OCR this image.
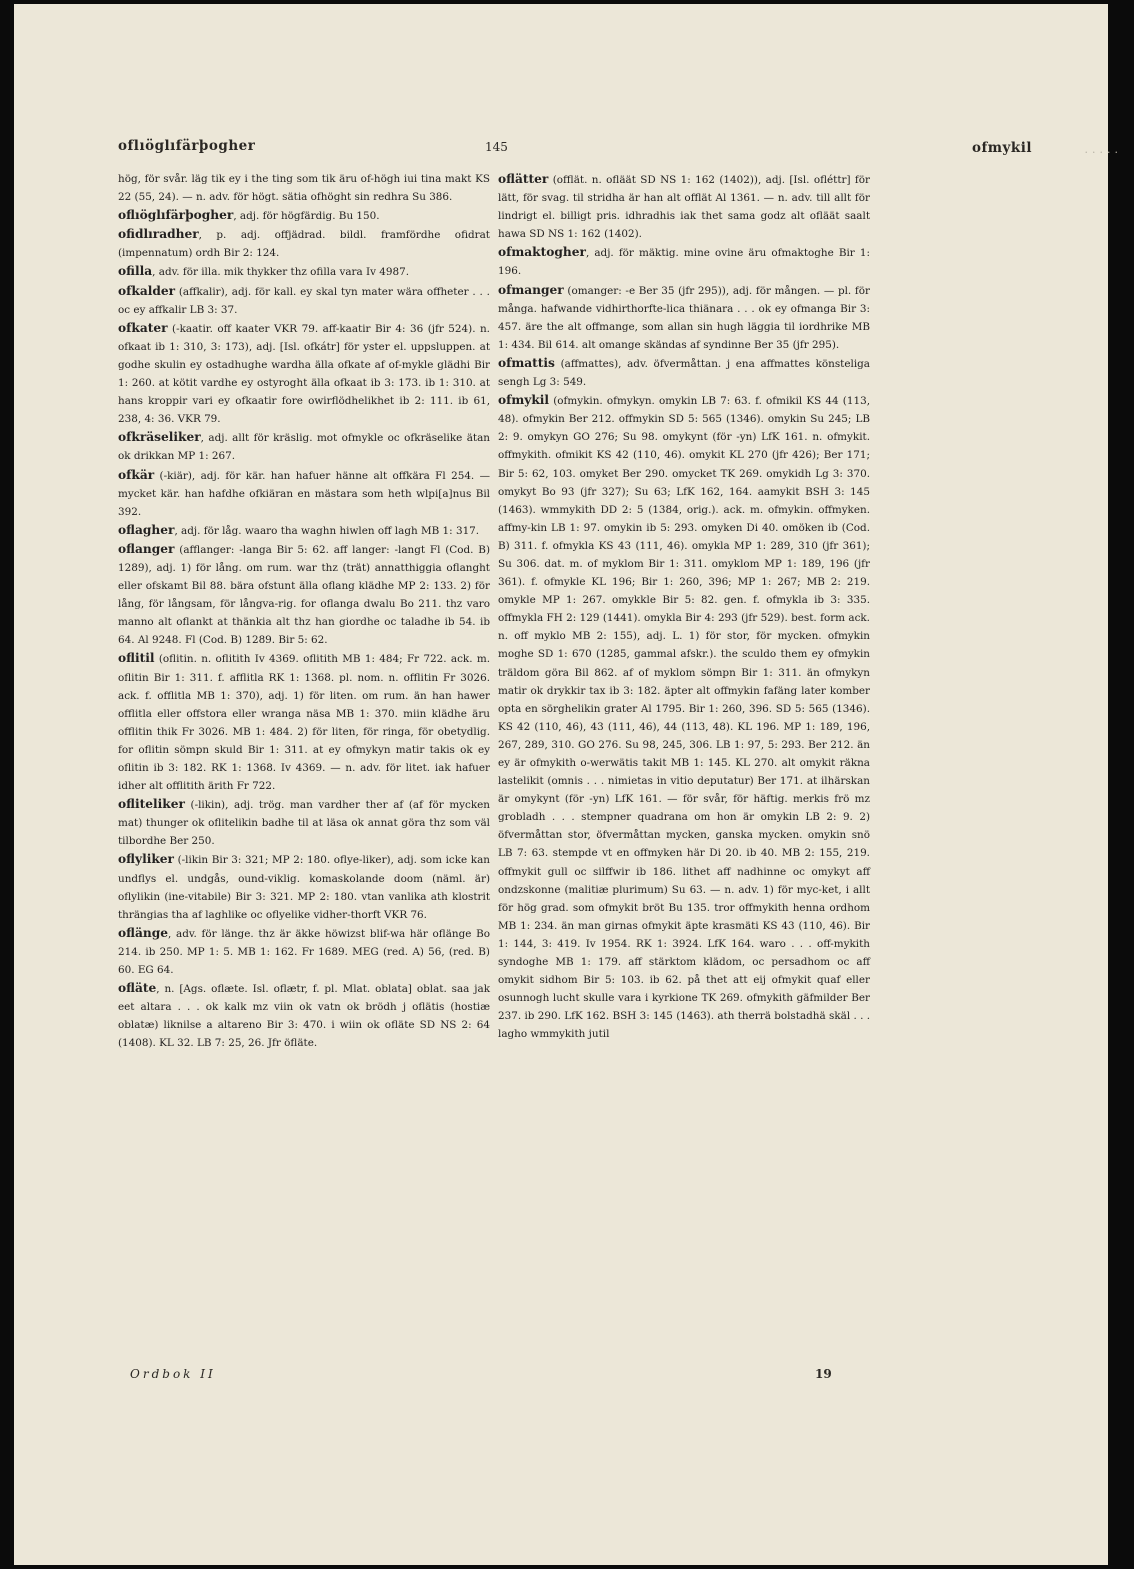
oflıöglıfärþogher	145	ofmykil

hög, för svår. läg tik ey i the ting som tik äru of-högh iui tina makt KS 22 (55, 24). — n. adv. för högt. sätia ofhöght sin redhra Su 386.

oflıöglıfärþogher, adj. för högfärdig. Bu 150.

ofidlıradher, p. adj. offjädrad. bildl. framfördhe ofidrat (impennatum) ordh Bir 2: 124.

ofilla, adv. för illa. mik thykker thz ofilla vara Iv 4987.

ofkalder (affkalir), adj. för kall. ey skal tyn mater wära offheter . . . oc ey affkalir LB 3: 37.

ofkater (-kaatir. off kaater VKR 79. aff-kaatir Bir 4: 36 (jfr 524). n. ofkaat ib 1: 310, 3: 173), adj. [Isl. ofkátr] för yster el. uppsluppen. at godhe skulin ey ostadhughe wardha älla ofkate af of-mykle glädhi Bir 1: 260. at kötit vardhe ey ostyroght älla ofkaat ib 3: 173. ib 1: 310. at hans kroppir vari ey ofkaatir fore owirflödhelikhet ib 2: 111. ib 61, 238, 4: 36. VKR 79.

ofkräseliker, adj. allt för kräslig. mot ofmykle oc ofkräselike ätan ok drikkan MP 1: 267.

ofkär (-kiär), adj. för kär. han hafuer hänne alt offkära Fl 254. — mycket kär. han hafdhe ofkiäran en mästara som heth wlpi[a]nus Bil 392.

oflagher, adj. för låg. waaro tha waghn hiwlen off lagh MB 1: 317.

oflanger (afflanger: -langa Bir 5: 62. aff langer: -langt Fl (Cod. B) 1289), adj. 1) för lång. om rum. war thz (trät) annatthiggia oflanght eller ofskamt Bil 88. bära ofstunt älla oflang klädhe MP 2: 133. 2) för lång, för långsam, för långva-rig. for oflanga dwalu Bo 211. thz varo manno alt oflankt at thänkia alt thz han giordhe oc taladhe ib 54. ib 64. Al 9248. Fl (Cod. B) 1289. Bir 5: 62.

oflitil (oflitin. n. oflitith Iv 4369. oflitith MB 1: 484; Fr 722. ack. m. oflitin Bir 1: 311. f. afflitla RK 1: 1368. pl. nom. n. offlitin Fr 3026. ack. f. offlitla MB 1: 370), adj. 1) för liten. om rum. än han hawer offlitla eller offstora eller wranga näsa MB 1: 370. miin klädhe äru offlitin thik Fr 3026. MB 1: 484. 2) för liten, för ringa, för obetydlig. for oflitin sömpn skuld Bir 1: 311. at ey ofmykyn matir takis ok ey oflitin ib 3: 182. RK 1: 1368. Iv 4369. — n. adv. för litet. iak hafuer idher alt offlitith ärith Fr 722.

ofliteliker (-likin), adj. trög. man vardher ther af (af för mycken mat) thunger ok oflitelikin badhe til at läsa ok annat göra thz som väl tilbordhe Ber 250.

oflyliker (-likin Bir 3: 321; MP 2: 180. oflye-liker), adj. som icke kan undflys el. undgås, ound-viklig. komaskolande doom (näml. är) oflylikin (ine-vitabile) Bir 3: 321. MP 2: 180. vtan vanlika ath klostrit thrängias tha af laghlike oc oflyelike vidher-thorft VKR 76.

oflänge, adv. för länge. thz är äkke höwizst blif-wa här oflänge Bo 214. ib 250. MP 1: 5. MB 1: 162. Fr 1689. MEG (red. A) 56, (red. B) 60. EG 64.

ofläte, n. [Ags. oflæte. Isl. oflætr, f. pl. Mlat. oblata] oblat. saa jak eet altara . . . ok kalk mz viin ok vatn ok brödh j oflätis (hostiæ oblatæ) liknilse a altareno Bir 3: 470. i wiin ok ofläte SD NS 2: 64 (1408). KL 32. LB 7: 25, 26. Jfr öfläte.

oflätter (offlät. n. ofläät SD NS 1: 162 (1402)), adj. [Isl. ofléttr] för lätt, för svag. til stridha är han alt offlät Al 1361. — n. adv. till allt för lindrigt el. billigt pris. idhradhis iak thet sama godz alt ofläät saalt hawa SD NS 1: 162 (1402).

ofmaktogher, adj. för mäktig. mine ovine äru ofmaktoghe Bir 1: 196.

ofmanger (omanger: -e Ber 35 (jfr 295)), adj. för mången. — pl. för många. hafwande vidhirthorfte-lica thiänara . . . ok ey ofmanga Bir 3: 457. äre the alt offmange, som allan sin hugh läggia til iordhrike MB 1: 434. Bil 614. alt omange skändas af syndinne Ber 35 (jfr 295).

ofmattis (affmattes), adv. öfvermåttan. j ena affmattes könsteliga sengh Lg 3: 549.

ofmykil (ofmykin. ofmykyn. omykin LB 7: 63. f. ofmikil KS 44 (113, 48). ofmykin Ber 212. offmykin SD 5: 565 (1346). omykin Su 245; LB 2: 9. omykyn GO 276; Su 98. omykynt (för -yn) LfK 161. n. ofmykit. offmykith. ofmikit KS 42 (110, 46). omykit KL 270 (jfr 426); Ber 171; Bir 5: 62, 103. omyket Ber 290. omycket TK 269. omykidh Lg 3: 370. omykyt Bo 93 (jfr 327); Su 63; LfK 162, 164. aamykit BSH 3: 145 (1463). wmmykith DD 2: 5 (1384, orig.). ack. m. ofmykin. offmyken. affmy-kin LB 1: 97. omykin ib 5: 293. omyken Di 40. omöken ib (Cod. B) 311. f. ofmykla KS 43 (111, 46). omykla MP 1: 289, 310 (jfr 361); Su 306. dat. m. of myklom Bir 1: 311. omyklom MP 1: 189, 196 (jfr 361). f. ofmykle KL 196; Bir 1: 260, 396; MP 1: 267; MB 2: 219. omykle MP 1: 267. omykkle Bir 5: 82. gen. f. ofmykla ib 3: 335. offmykla FH 2: 129 (1441). omykla Bir 4: 293 (jfr 529). best. form ack. n. off myklo MB 2: 155), adj. L. 1) för stor, för mycken. ofmykin moghe SD 1: 670 (1285, gammal afskr.). the sculdo them ey ofmykin träldom göra Bil 862. af of myklom sömpn Bir 1: 311. än ofmykyn matir ok drykkir tax ib 3: 182. äpter alt offmykin fafäng later komber opta en sörghelikin grater Al 1795. Bir 1: 260, 396. SD 5: 565 (1346). KS 42 (110, 46), 43 (111, 46), 44 (113, 48). KL 196. MP 1: 189, 196, 267, 289, 310. GO 276. Su 98, 245, 306. LB 1: 97, 5: 293. Ber 212. än ey är ofmykith o-werwätis takit MB 1: 145. KL 270. alt omykit räkna lastelikit (omnis . . . nimietas in vitio deputatur) Ber 171. at ilhärskan är omykynt (för -yn) LfK 161. — för svår, för häftig. merkis frö mz grobladh . . . stempner quadrana om hon är omykin LB 2: 9. 2) öfvermåttan stor, öfvermåttan mycken, ganska mycken. omykin snö LB 7: 63. stempde vt en offmyken här Di 20. ib 40. MB 2: 155, 219. offmykit gull oc silffwir ib 186. lithet aff nadhinne oc omykyt aff ondzskonne (malitiæ plurimum) Su 63. — n. adv. 1) för myc-ket, i allt för hög grad. som ofmykit bröt Bu 135. tror offmykith henna ordhom MB 1: 234. än man girnas ofmykit äpte krasmäti KS 43 (110, 46). Bir 1: 144, 3: 419. Iv 1954. RK 1: 3924. LfK 164. waro . . . off-mykith syndoghe MB 1: 179. aff stärktom klädom, oc persadhom oc aff omykit sidhom Bir 5: 103. ib 62. på thet att eij ofmykit quaf eller osunnogh lucht skulle vara i kyrkione TK 269. ofmykith gäfmilder Ber 237. ib 290. LfK 162. BSH 3: 145 (1463). ath therrä bolstadhä skäl . . . lagho wmmykith jutil

Ordbok II	19
·····
